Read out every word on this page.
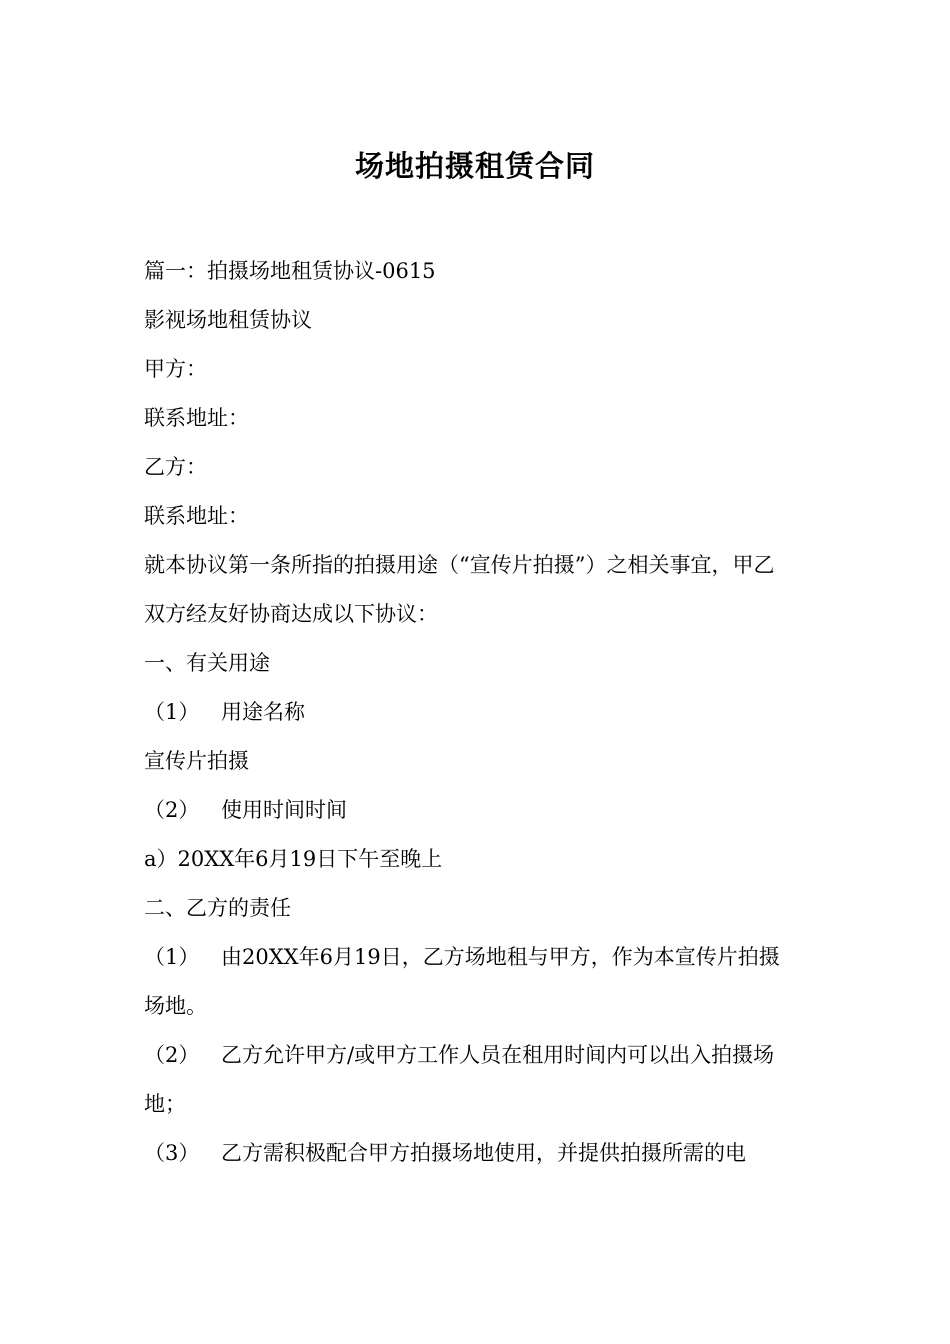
场地拍摄租赁合同

篇一：拍摄场地租赁协议-0615

影视场地租赁协议

甲方：

联系地址：

乙方：

联系地址：

就本协议第一条所指的拍摄用途（“宣传片拍摄”）之相关事宜，甲乙

双方经友好协商达成以下协议：

一、有关用途

（1）	用途名称

宣传片拍摄

（2）	使用时间时间

a）20XX年6月19日下午至晚上

二、乙方的责任

（1）	由20XX年6月19日，乙方场地租与甲方，作为本宣传片拍摄

场地。

（2）	乙方允许甲方/或甲方工作人员在租用时间内可以出入拍摄场

地；

（3）	乙方需积极配合甲方拍摄场地使用，并提供拍摄所需的电
